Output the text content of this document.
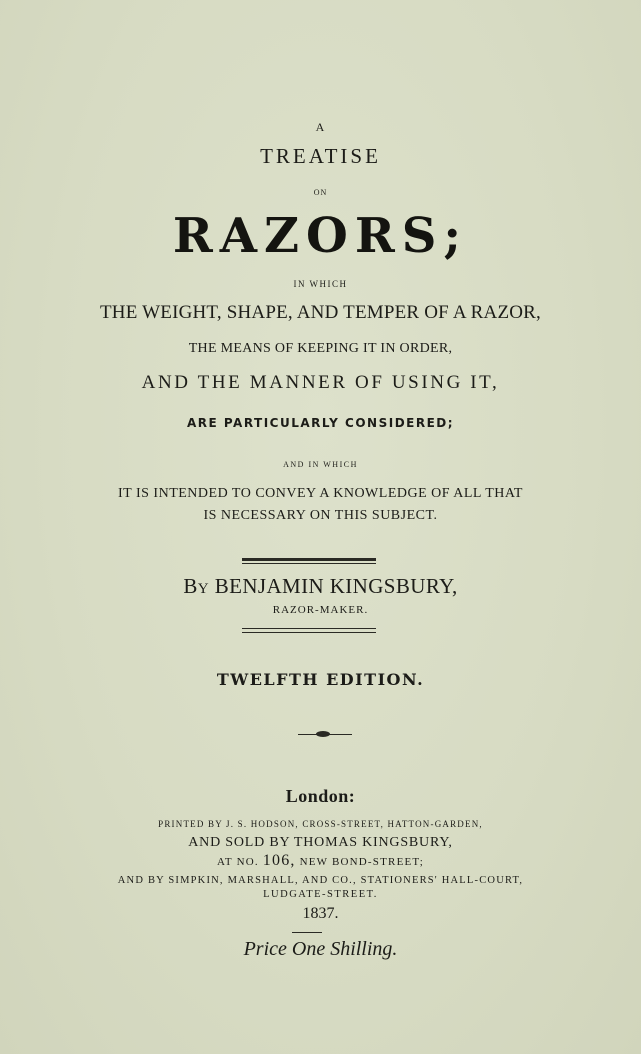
A
TREATISE
ON
RAZORS;
IN WHICH
THE WEIGHT, SHAPE, AND TEMPER OF A RAZOR,
THE MEANS OF KEEPING IT IN ORDER,
AND THE MANNER OF USING IT,
ARE PARTICULARLY CONSIDERED;
AND IN WHICH
IT IS INTENDED TO CONVEY A KNOWLEDGE OF ALL THAT
IS NECESSARY ON THIS SUBJECT.
By BENJAMIN KINGSBURY,
RAZOR-MAKER.
TWELFTH EDITION.
London:
PRINTED BY J. S. HODSON, CROSS-STREET, HATTON-GARDEN,
AND SOLD BY THOMAS KINGSBURY,
AT NO. 106, NEW BOND-STREET;
AND BY SIMPKIN, MARSHALL, AND CO., STATIONERS' HALL-COURT,
LUDGATE-STREET.
1837.
Price One Shilling.
